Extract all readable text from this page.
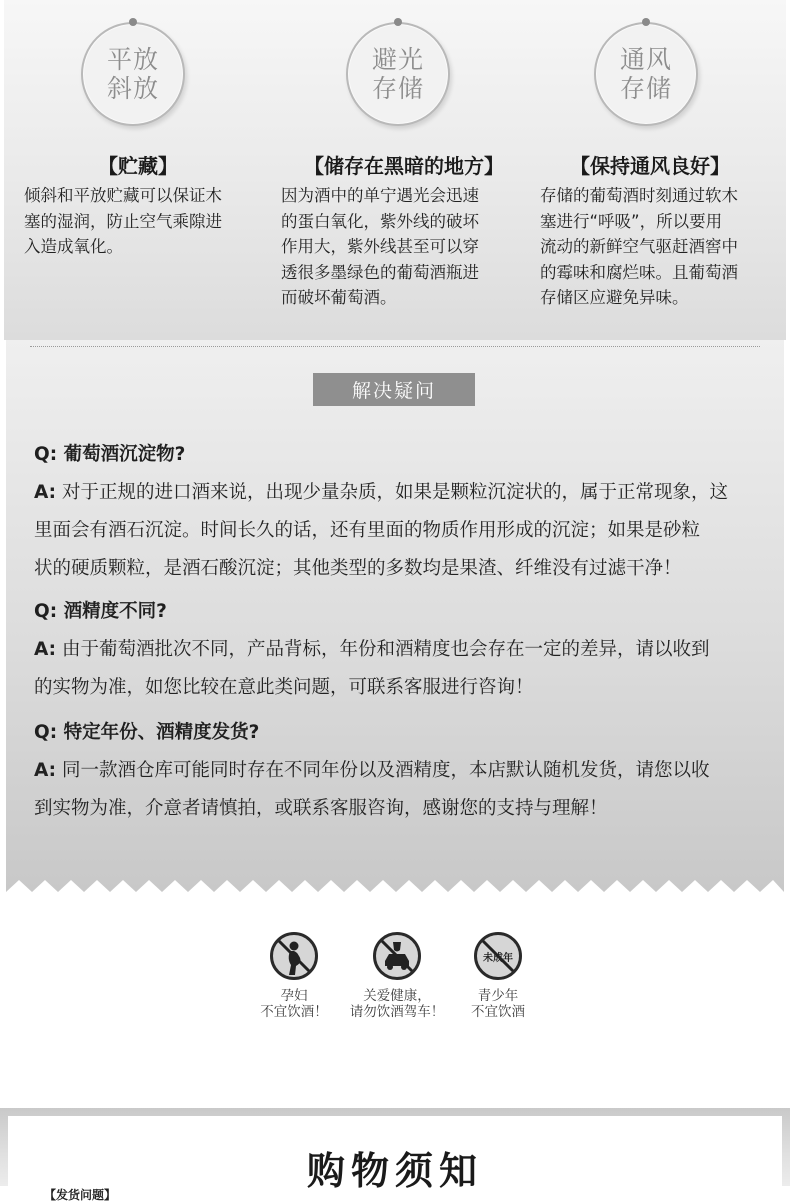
平放
斜放
【贮藏】
倾斜和平放贮藏可以保证木
塞的湿润，防止空气乘隙进
入造成氧化。
避光
存储
【储存在黑暗的地方】
因为酒中的单宁遇光会迅速
的蛋白氧化，紫外线的破坏
作用大，紫外线甚至可以穿
透很多墨绿色的葡萄酒瓶进
而破坏葡萄酒。
通风
存储
【保持通风良好】
存储的葡萄酒时刻通过软木
塞进行“呼吸”，所以要用
流动的新鲜空气驱赶酒窖中
的霉味和腐烂味。且葡萄酒
存储区应避免异味。
解决疑问
Q: 葡萄酒沉淀物?
A: 对于正规的进口酒来说，出现少量杂质，如果是颗粒沉淀状的，属于正常现象，这
里面会有酒石沉淀。时间长久的话，还有里面的物质作用形成的沉淀；如果是砂粒
状的硬质颗粒，是酒石酸沉淀；其他类型的多数均是果渣、纤维没有过滤干净！
Q: 酒精度不同?
A: 由于葡萄酒批次不同，产品背标，年份和酒精度也会存在一定的差异，请以收到
的实物为准，如您比较在意此类问题，可联系客服进行咨询！
Q: 特定年份、酒精度发货?
A: 同一款酒仓库可能同时存在不同年份以及酒精度，本店默认随机发货，请您以收
到实物为准，介意者请慎拍，或联系客服咨询，感谢您的支持与理解！
孕妇
不宜饮酒！
关爱健康，
请勿饮酒驾车！
未成年
青少年
不宜饮酒
购物须知
【发货问题】
